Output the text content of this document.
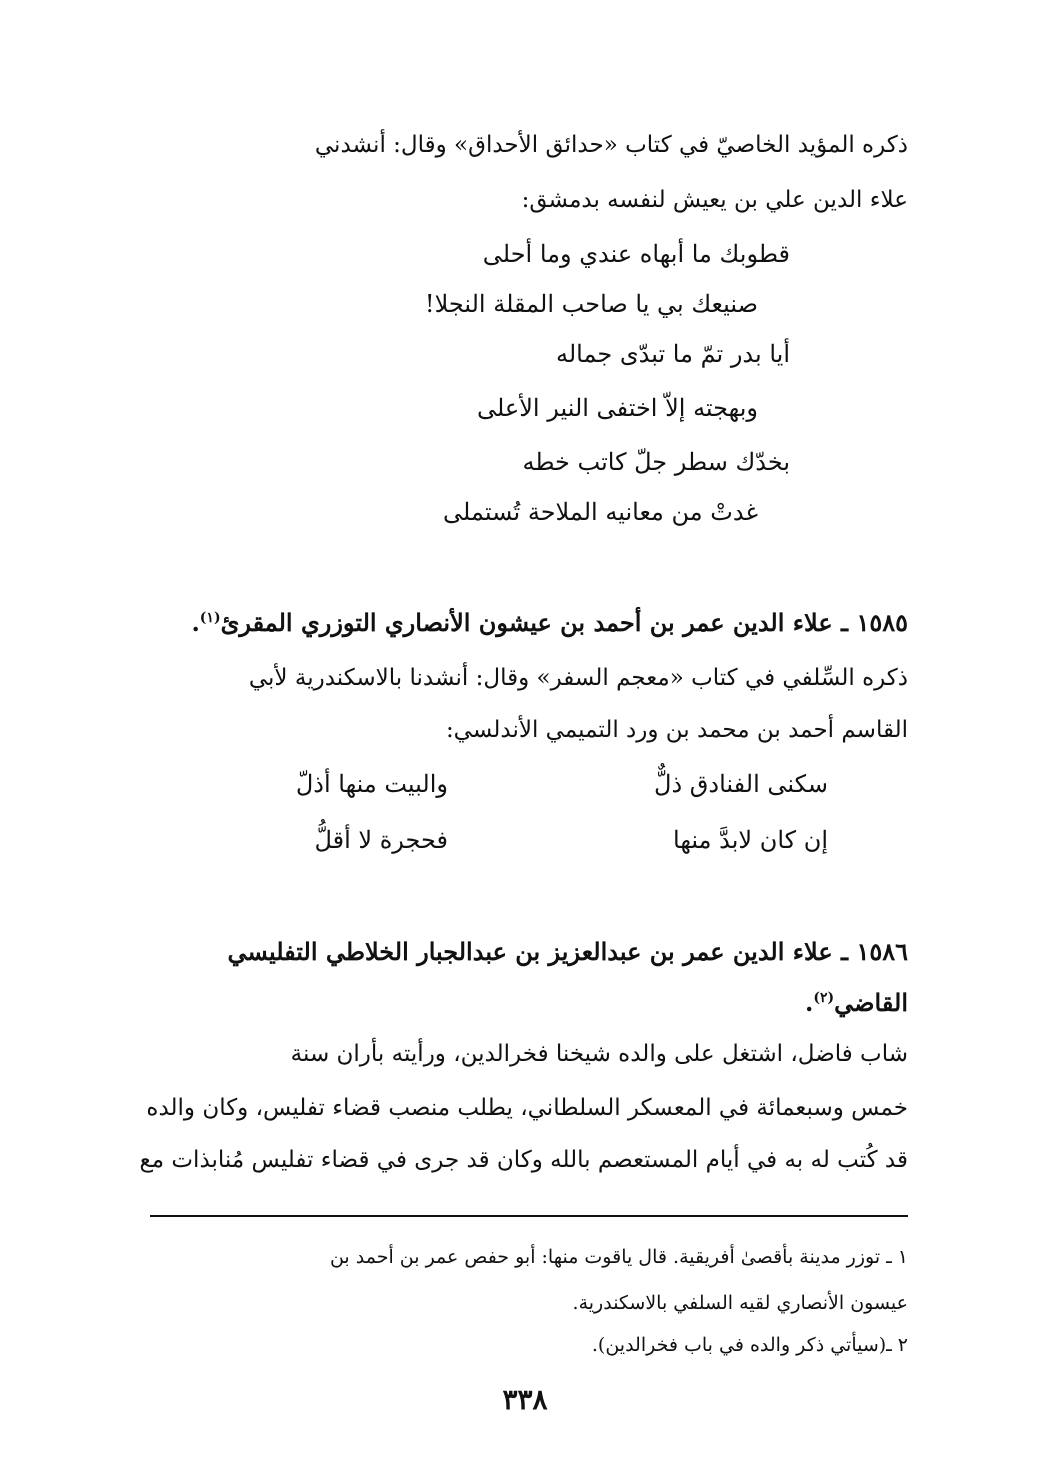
ذكره المؤيد الخاصيّ في كتاب «حدائق الأحداق» وقال: أنشدني
علاء الدين علي بن يعيش لنفسه بدمشق:
قطوبك ما أبهاه عندي وما أحلى
صنيعك بي يا صاحب المقلة النجلا!
أيا بدر تمّ ما تبدّى جماله
وبهجته إلاّ اختفى النير الأعلى
بخدّك سطر جلّ كاتب خطه
غدتْ من معانيه الملاحة تُستملى
١٥٨٥ ـ علاء الدين عمر بن أحمد بن عيشون الأنصاري التوزري المقرئ$^{(١)}$.
ذكره السِّلفي في كتاب «معجم السفر» وقال: أنشدنا بالاسكندرية لأبي
القاسم أحمد بن محمد بن ورد التميمي الأندلسي:
سكنى الفنادق ذلٌّ
والبيت منها أذلّ
إن كان لابدَّ منها
فحجرة لا أقلُّ
١٥٨٦ ـ علاء الدين عمر بن عبدالعزيز بن عبدالجبار الخلاطي التفليسي
القاضي$^{(٢)}$.
شاب فاضل، اشتغل على والده شيخنا فخرالدين، ورأيته بأران سنة
خمس وسبعمائة في المعسكر السلطاني، يطلب منصب قضاء تفليس، وكان والده
قد كُتب له به في أيام المستعصم بالله وكان قد جرى في قضاء تفليس مُنابذات مع
١ ـ توزر مدينة بأقصىٰ أفريقية. قال ياقوت منها: أبو حفص عمر بن أحمد بن
عيسون الأنصاري لقيه السلفي بالاسكندرية.
٢ ـ(سيأتي ذكر والده في باب فخرالدين).
٣٣٨
